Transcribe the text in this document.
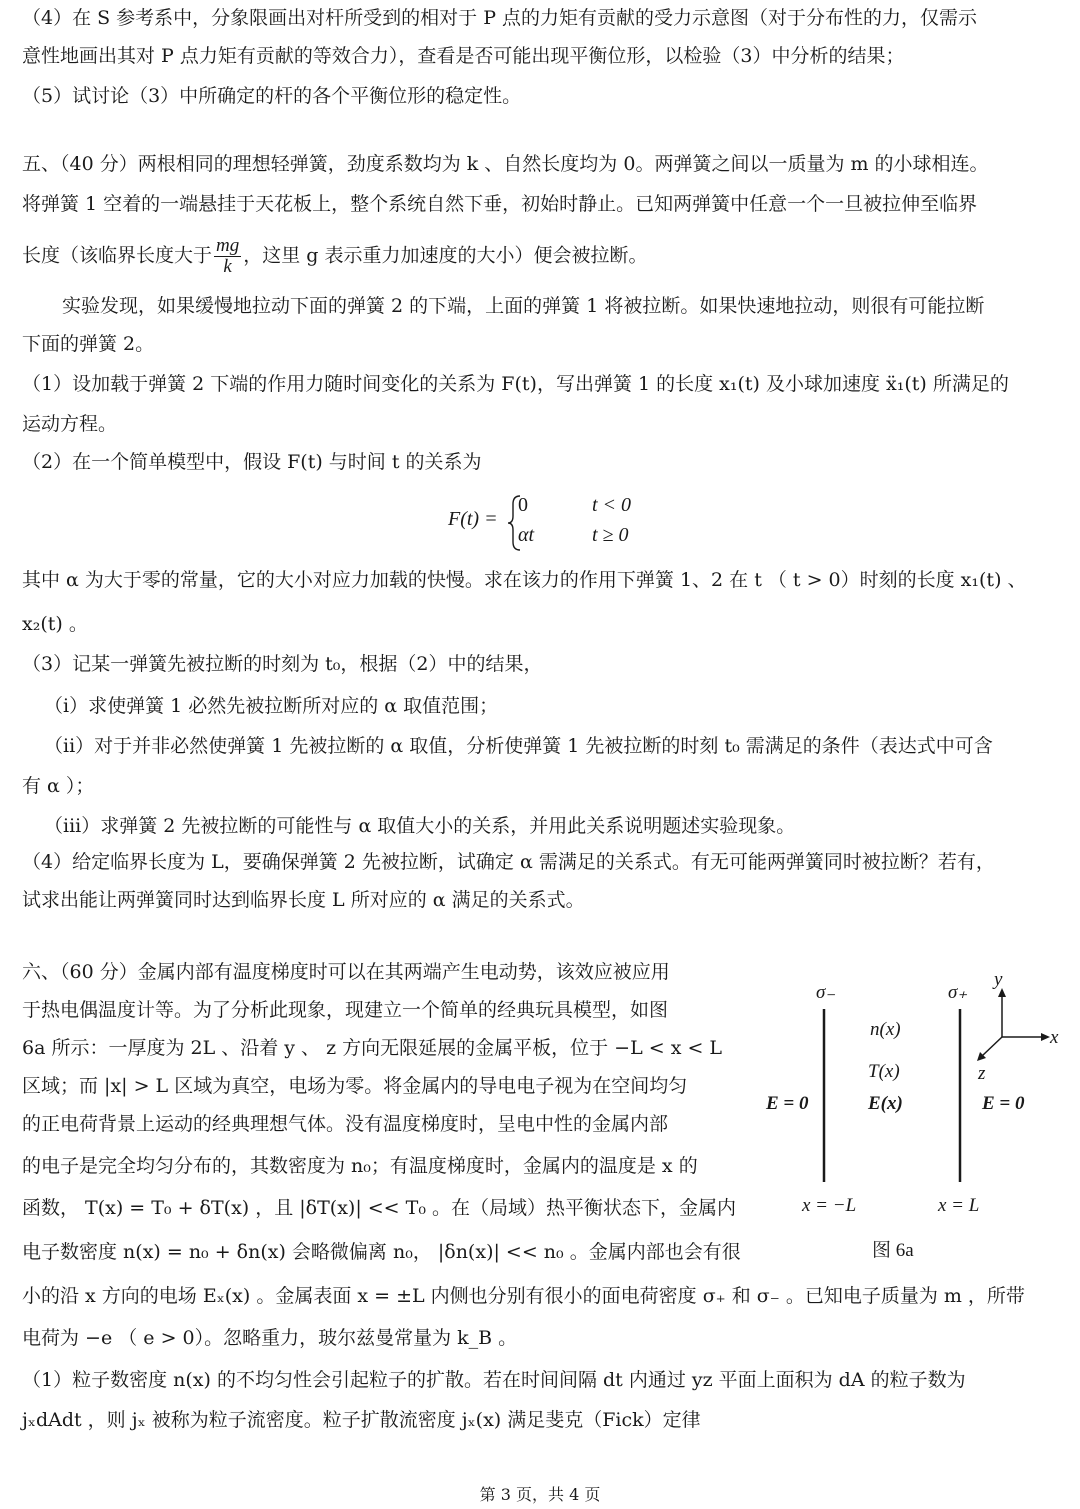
（4）在 S 参考系中，分象限画出对杆所受到的相对于 P 点的力矩有贡献的受力示意图（对于分布性的力，仅需示
意性地画出其对 P 点力矩有贡献的等效合力），查看是否可能出现平衡位形，以检验（3）中分析的结果；
（5）试讨论（3）中所确定的杆的各个平衡位形的稳定性。
五、（40 分）两根相同的理想轻弹簧，劲度系数均为 k 、自然长度均为 0。两弹簧之间以一质量为 m 的小球相连。
将弹簧 1 空着的一端悬挂于天花板上，整个系统自然下垂，初始时静止。已知两弹簧中任意一个一旦被拉伸至临界
长度（该临界长度大于 $\frac{mg}{k}$ ，这里 g 表示重力加速度的大小）便会被拉断。
实验发现，如果缓慢地拉动下面的弹簧 2 的下端，上面的弹簧 1 将被拉断。如果快速地拉动，则很有可能拉断
下面的弹簧 2。
（1）设加载于弹簧 2 下端的作用力随时间变化的关系为 F(t)，写出弹簧 1 的长度 x₁(t) 及小球加速度 ẍ₁(t) 所满足的
运动方程。
（2）在一个简单模型中，假设 F(t) 与时间 t 的关系为
F(t) =
0	t < 0
αt	t ≥ 0
其中 α 为大于零的常量，它的大小对应力加载的快慢。求在该力的作用下弹簧 1、2 在 t （ t > 0）时刻的长度 x₁(t) 、
x₂(t) 。
（3）记某一弹簧先被拉断的时刻为 t₀，根据（2）中的结果，
（i）求使弹簧 1 必然先被拉断所对应的 α 取值范围；
（ii）对于并非必然使弹簧 1 先被拉断的 α 取值，分析使弹簧 1 先被拉断的时刻 t₀ 需满足的条件（表达式中可含
有 α ）；
（iii）求弹簧 2 先被拉断的可能性与 α 取值大小的关系，并用此关系说明题述实验现象。
（4）给定临界长度为 L，要确保弹簧 2 先被拉断，试确定 α 需满足的关系式。有无可能两弹簧同时被拉断？若有，
试求出能让两弹簧同时达到临界长度 L 所对应的 α 满足的关系式。
六、（60 分）金属内部有温度梯度时可以在其两端产生电动势，该效应被应用
于热电偶温度计等。为了分析此现象，现建立一个简单的经典玩具模型，如图
6a 所示：一厚度为 2L 、沿着 y 、 z 方向无限延展的金属平板，位于 −L < x < L
区域；而 |x| > L 区域为真空，电场为零。将金属内的导电电子视为在空间均匀
的正电荷背景上运动的经典理想气体。没有温度梯度时，呈电中性的金属内部
的电子是完全均匀分布的，其数密度为 n₀；有温度梯度时，金属内的温度是 x 的
函数， T(x) = T₀ + δT(x) ，且 |δT(x)| << T₀ 。在（局域）热平衡状态下，金属内
电子数密度 n(x) = n₀ + δn(x) 会略微偏离 n₀， |δn(x)| << n₀ 。金属内部也会有很
小的沿 x 方向的电场 Eₓ(x) 。金属表面 x = ±L 内侧也分别有很小的面电荷密度 σ₊ 和 σ₋ 。已知电子质量为 m ，所带
电荷为 −e （ e > 0）。忽略重力，玻尔兹曼常量为 k_B 。
（1）粒子数密度 n(x) 的不均匀性会引起粒子的扩散。若在时间间隔 dt 内通过 yz 平面上面积为 dA 的粒子数为
jₓdAdt ，则 jₓ 被称为粒子流密度。粒子扩散流密度 jₓ(x) 满足斐克（Fick）定律
σ₋	σ₊
n(x)
T(x)
E(x)
E = 0	E = 0
y
x
z
x = −L	x = L
图 6a
第 3 页，共 4 页
